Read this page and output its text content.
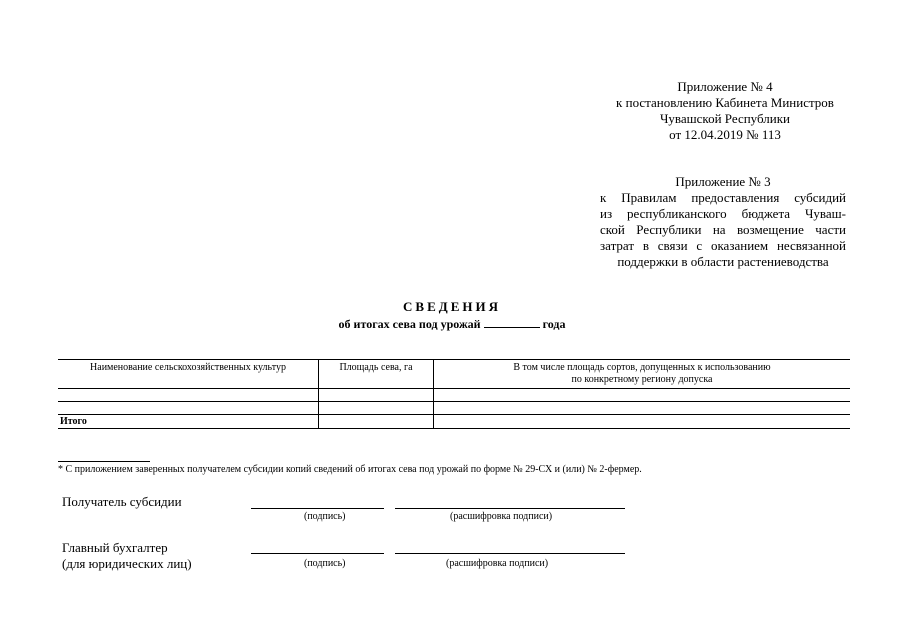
Приложение № 4
к постановлению Кабинета Министров
Чувашской Республики
от 12.04.2019 № 113
Приложение № 3
к Правилам предоставления субсидий
из республиканского бюджета Чуваш-
ской Республики на возмещение части
затрат в связи с оказанием несвязанной
поддержки в области растениеводства
СВЕДЕНИЯ
об итогах сева под урожай	года
Наименование сельскохозяйственных культур	Площадь сева, га	В том числе площадь сортов, допущенных к использованию
по конкретному региону допуска

Итого		
* С приложением заверенных получателем субсидии копий сведений об итогах сева под урожай по форме № 29-СХ и (или) № 2-фермер.
Получатель субсидии
(подпись)	(расшифровка подписи)
Главный бухгалтер
(для юридических лиц)	(подпись)	(расшифровка подписи)
